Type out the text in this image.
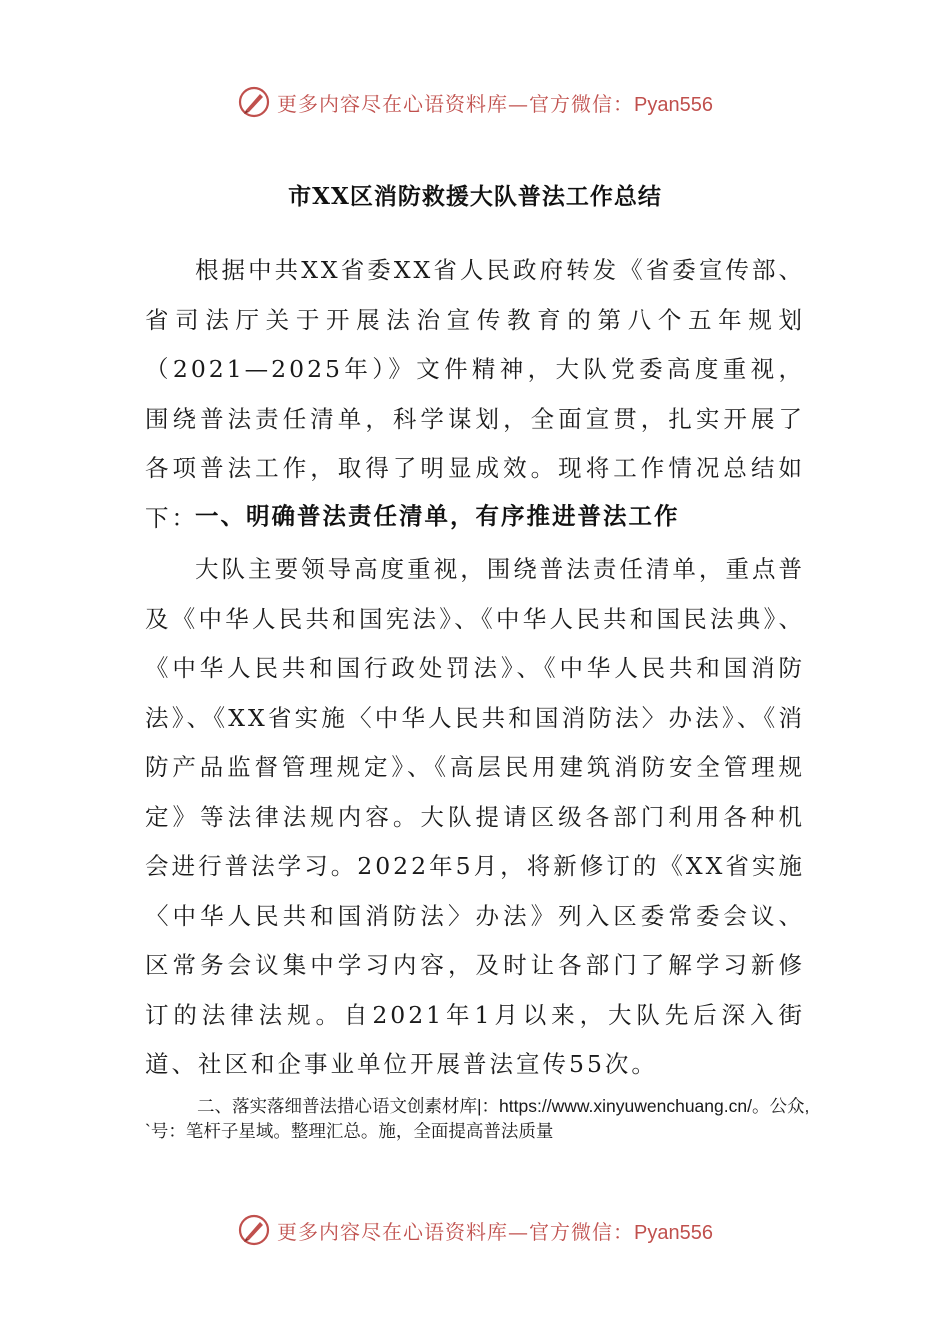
更多内容尽在心语资料库—官方微信：Pyan556
市XX区消防救援大队普法工作总结
根据中共XX省委XX省人民政府转发《省委宣传部、省司法厅关于开展法治宣传教育的第八个五年规划（2021—2025年）》文件精神，大队党委高度重视，围绕普法责任清单，科学谋划，全面宣贯，扎实开展了各项普法工作，取得了明显成效。现将工作情况总结如下：
一、明确普法责任清单，有序推进普法工作
大队主要领导高度重视，围绕普法责任清单，重点普及《中华人民共和国宪法》、《中华人民共和国民法典》、《中华人民共和国行政处罚法》、《中华人民共和国消防法》、《XX省实施〈中华人民共和国消防法〉办法》、《消防产品监督管理规定》、《高层民用建筑消防安全管理规定》等法律法规内容。大队提请区级各部门利用各种机会进行普法学习。2022年5月，将新修订的《XX省实施〈中华人民共和国消防法〉办法》列入区委常委会议、区常务会议集中学习内容，及时让各部门了解学习新修订的法律法规。自2021年1月以来，大队先后深入街道、社区和企事业单位开展普法宣传55次。
二、落实落细普法措心语文创素材库|：https://www.xinyuwenchuang.cn/。公众,`号：笔杆子星域。整理汇总。施，全面提高普法质量
更多内容尽在心语资料库—官方微信：Pyan556
